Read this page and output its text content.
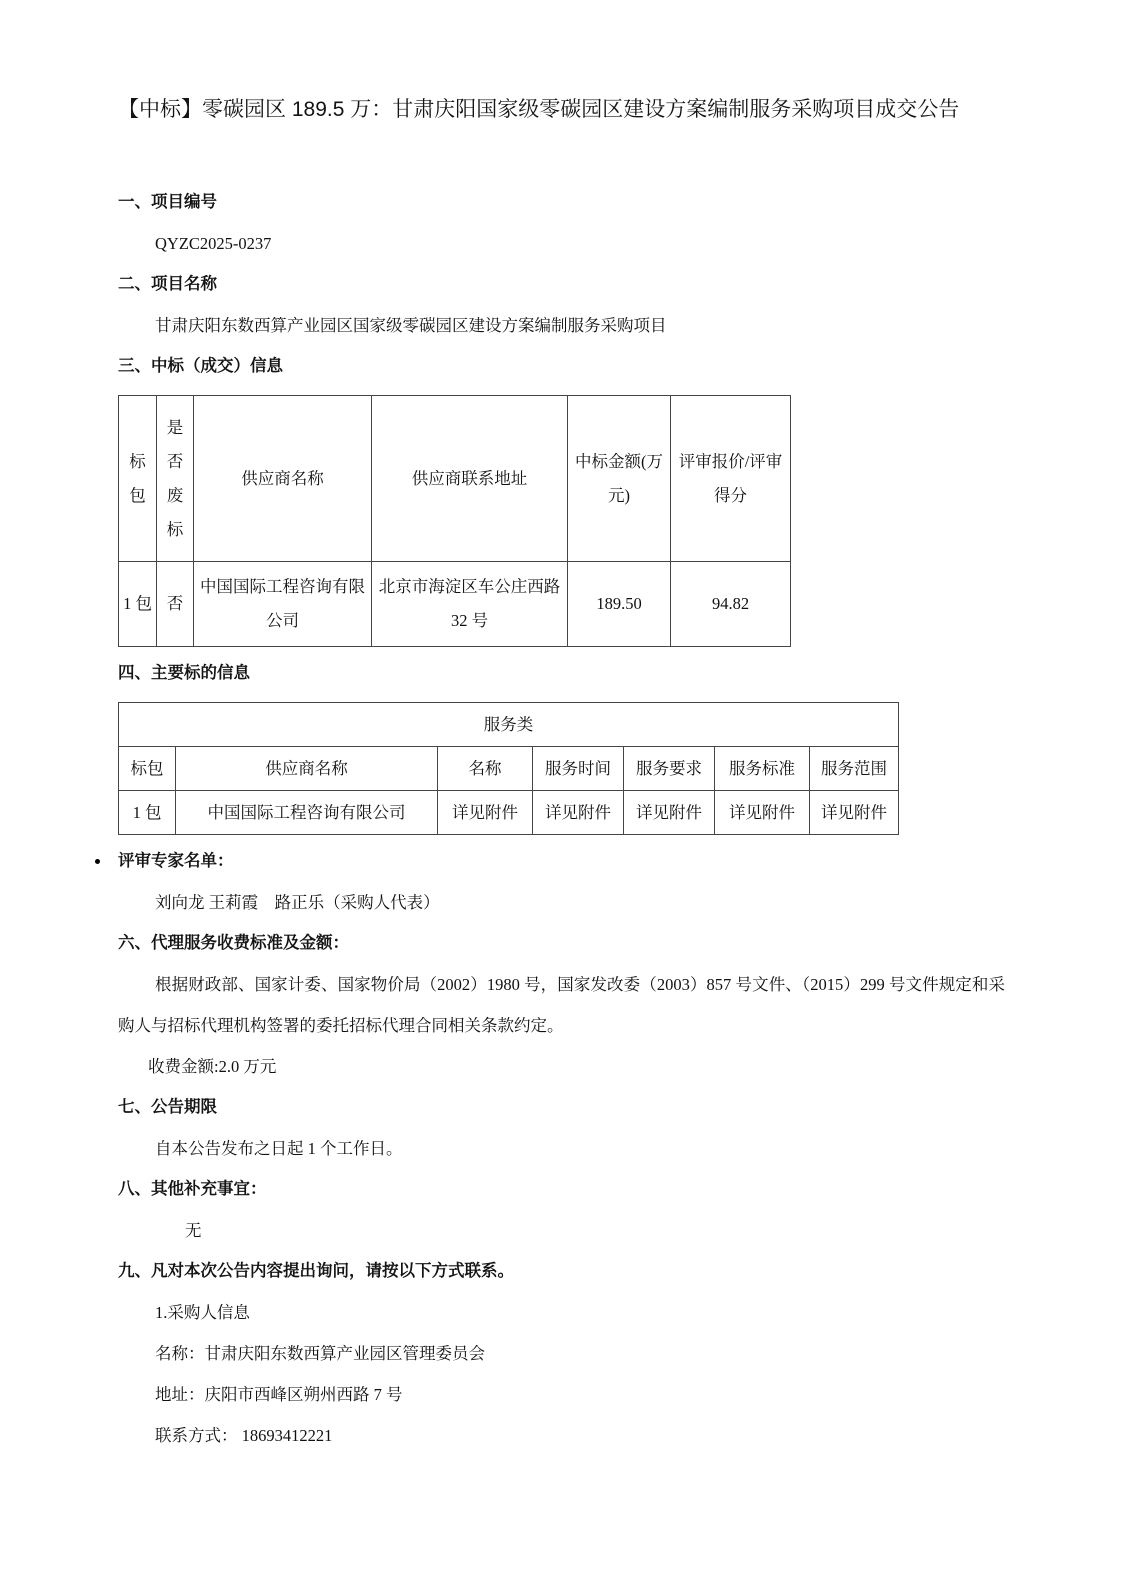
【中标】零碳园区 189.5 万：甘肃庆阳国家级零碳园区建设方案编制服务采购项目成交公告
一、项目编号

QYZC2025-0237

二、项目名称

甘肃庆阳东数西算产业园区国家级零碳园区建设方案编制服务采购项目

三、中标（成交）信息
标包	是否废标	供应商名称	供应商联系地址	中标金额(万元)	评审报价/评审得分
1 包	否	中国国际工程咨询有限公司	北京市海淀区车公庄西路 32 号	189.50	94.82
四、主要标的信息
服务类						
标包	供应商名称	名称	服务时间	服务要求	服务标准	服务范围
1 包	中国国际工程咨询有限公司	详见附件	详见附件	详见附件	详见附件	详见附件
评审专家名单：

刘向龙 王莉霞　路正乐（采购人代表）

六、代理服务收费标准及金额：

根据财政部、国家计委、国家物价局（2002）1980 号，国家发改委（2003）857 号文件、（2015）299 号文件规定和采购人与招标代理机构签署的委托招标代理合同相关条款约定。

收费金额:2.0 万元

七、公告期限

自本公告发布之日起 1 个工作日。

八、其他补充事宜：

无

九、凡对本次公告内容提出询问，请按以下方式联系。

1.采购人信息

名称：甘肃庆阳东数西算产业园区管理委员会

地址：庆阳市西峰区朔州西路 7 号

联系方式： 18693412221
